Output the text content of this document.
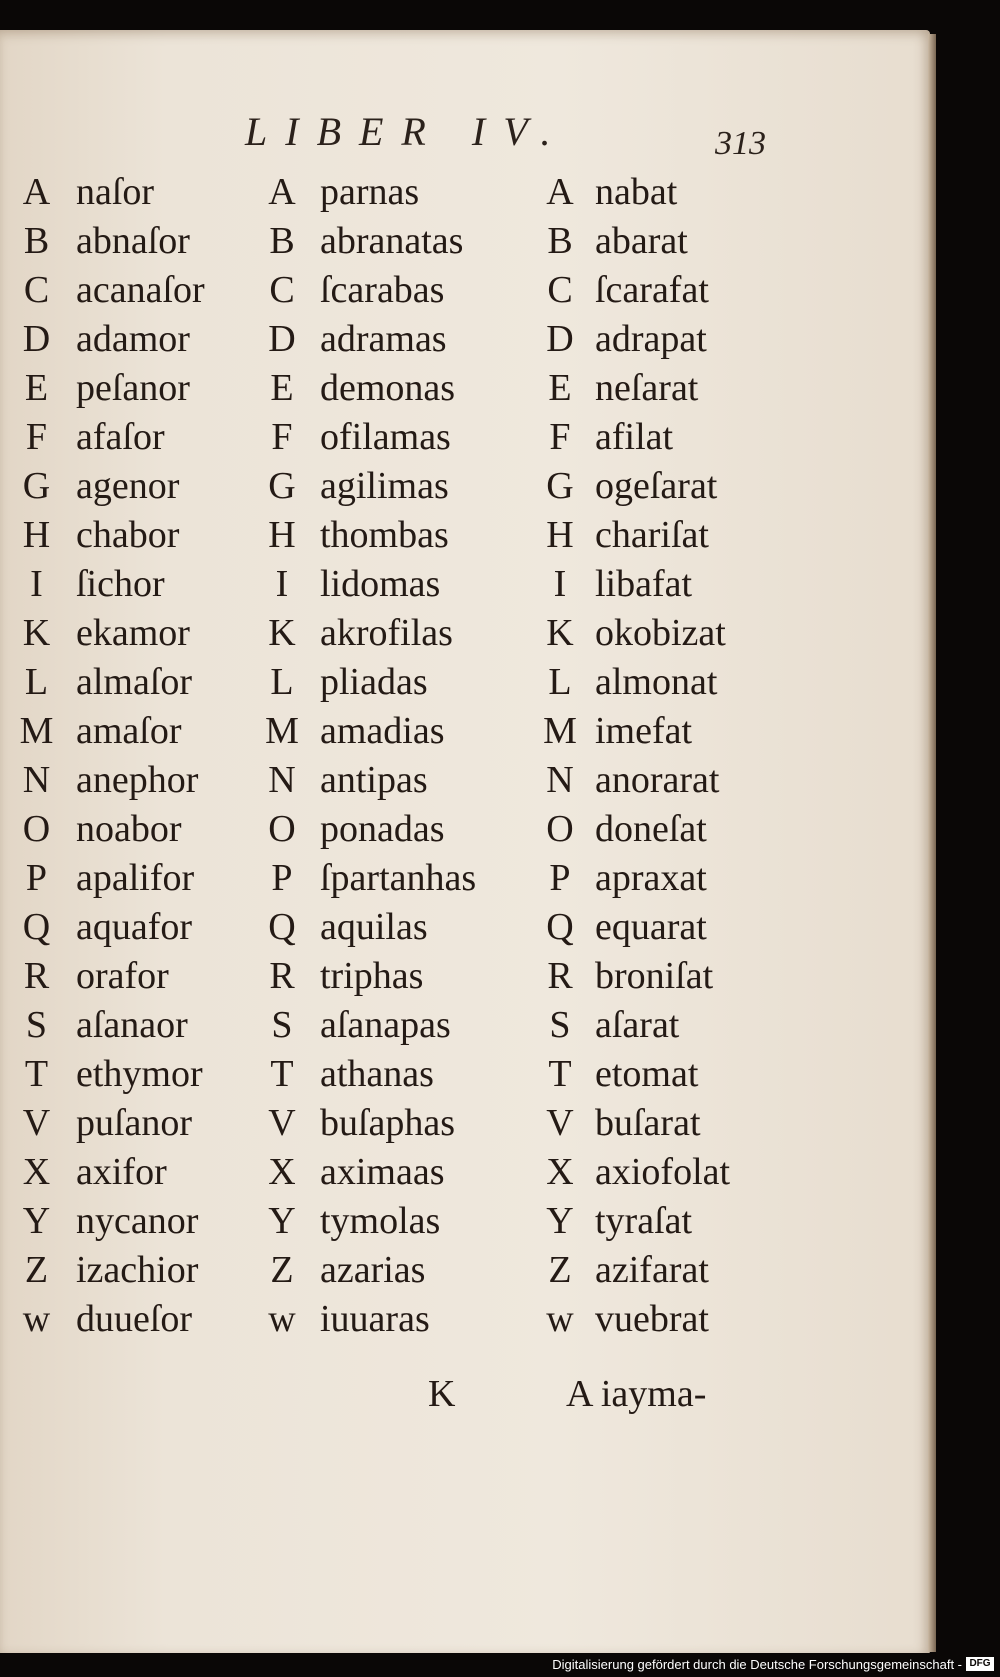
LIBER IV.	313
A naſor	A parnas	A nabat
B abnaſor B abranatas B abarat
C acanaſor C ſcarabas	C ſcarafat
D adamor D adramas	D adrapat
E peſanor E demonas E neſarat
F afaſor	F ofilamas	F afilat
G agenor G agilimas	G ogeſarat
H chabor H thombas	H chariſat
I ſichor	I lidomas	I libafat
K ekamor K akrofilas K okobizat
L almaſor L pliadas	L almonat
M amaſor M amadias	M imefat
N anephor N antipas	N anorarat
O noabor O ponadas	O doneſat
P apalifor	P ſpartanhas	P apraxat
Q aquafor Q aquilas	Q equarat
R orafor	R triphas	R broniſat
S aſanaor	S aſanapas	S aſarat
T ethymor T athanas	T etomat
V puſanor V buſaphas V buſarat
X axifor	X aximaas	X axiofolat
Y nycanor Y tymolas	Y tyraſat
Z izachior Z azarias	Z azifarat
w duueſor w iuuaras	w vuebrat
K	A iayma-
Digitalisierung gefördert durch die Deutsche Forschungsgemeinschaft - DFG
